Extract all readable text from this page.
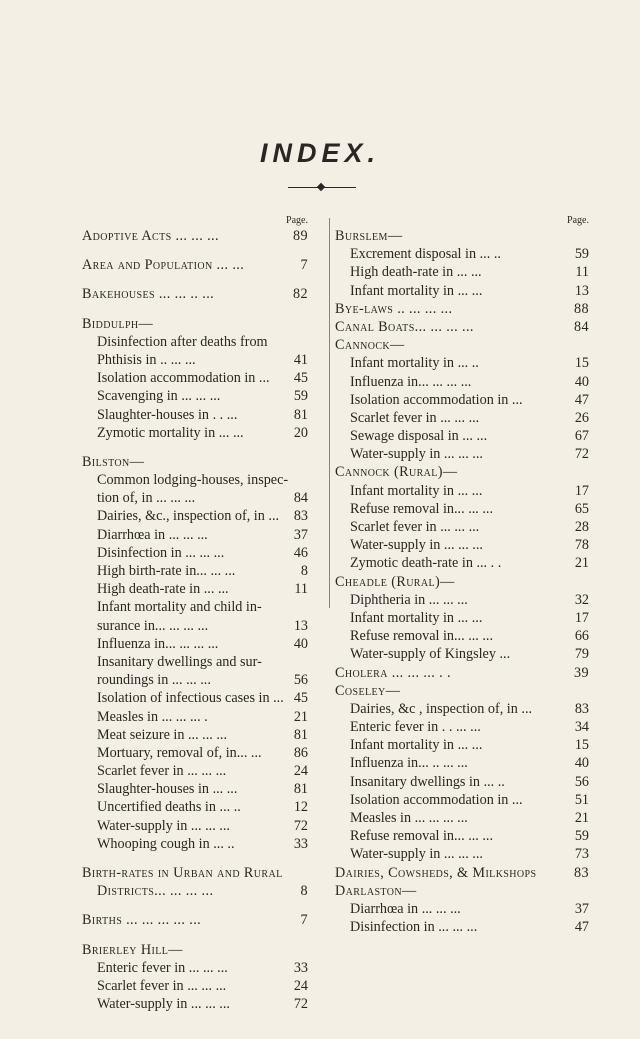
INDEX.
Page.
Adoptive Acts ... ... ...	89
Area and Population ... ...	7
Bakehouses ... ... .. ...	82
Biddulph—
Disinfection after deaths from
Phthisis in .. ... ...	41
Isolation accommodation in ... 45
Scavenging in ... ... ...	59
Slaughter-houses in . . ...	81
Zymotic mortality in ... ...	20
Bilston—
Common lodging-houses, inspec-
tion of, in ... ... ...	84
Dairies, &c., inspection of, in ... 83
Diarrhœa in ... ... ...	37
Disinfection in ... ... ...	46
High birth-rate in... ... ...	8
High death-rate in ... ...	11
Infant mortality and child in-
surance in... ... ... ...	13
Influenza in... ... ... ...	40
Insanitary dwellings and sur-
roundings in ... ... ...	56
Isolation of infectious cases in ... 45
Measles in ... ... ... .	21
Meat seizure in ... ... ...	81
Mortuary, removal of, in... ... 86
Scarlet fever in ... ... ...	24
Slaughter-houses in ... ...	81
Uncertified deaths in ... ..	12
Water-supply in ... ... ...	72
Whooping cough in ... ..	33
Birth-rates in Urban and Rural
Districts... ... ... ...	8
Births ... ... ... ... ...	7
Brierley Hill—
Enteric fever in ... ... ...	33
Scarlet fever in ... ... ...	24
Water-supply in ... ... ...	72
Page.
Burslem—
Excrement disposal in ... ..	59
High death-rate in ... ...	11
Infant mortality in ... ...	13
Bye-laws .. ... ... ...	88
Canal Boats... ... ... ...	84
Cannock—
Infant mortality in ... ..	15
Influenza in... ... ... ...	40
Isolation accommodation in ...	47
Scarlet fever in ... ... ...	26
Sewage disposal in ... ...	67
Water-supply in ... ... ...	72
Cannock (Rural)—
Infant mortality in ... ...	17
Refuse removal in... ... ...	65
Scarlet fever in ... ... ...	28
Water-supply in ... ... ...	78
Zymotic death-rate in ... . .	21
Cheadle (Rural)—
Diphtheria in ... ... ...	32
Infant mortality in ... ...	17
Refuse removal in... ... ...	66
Water-supply of Kingsley ...	79
Cholera ... ... ... . .	39
Coseley—
Dairies, &c , inspection of, in ...	83
Enteric fever in . . ... ...	34
Infant mortality in ... ...	15
Influenza in... .. ... ...	40
Insanitary dwellings in ... ..	56
Isolation accommodation in ...	51
Measles in ... ... ... ...	21
Refuse removal in... ... ...	59
Water-supply in ... ... ...	73
Dairies, Cowsheds, & Milkshops	83
Darlaston—
Diarrhœa in ... ... ...	37
Disinfection in ... ... ...	47
